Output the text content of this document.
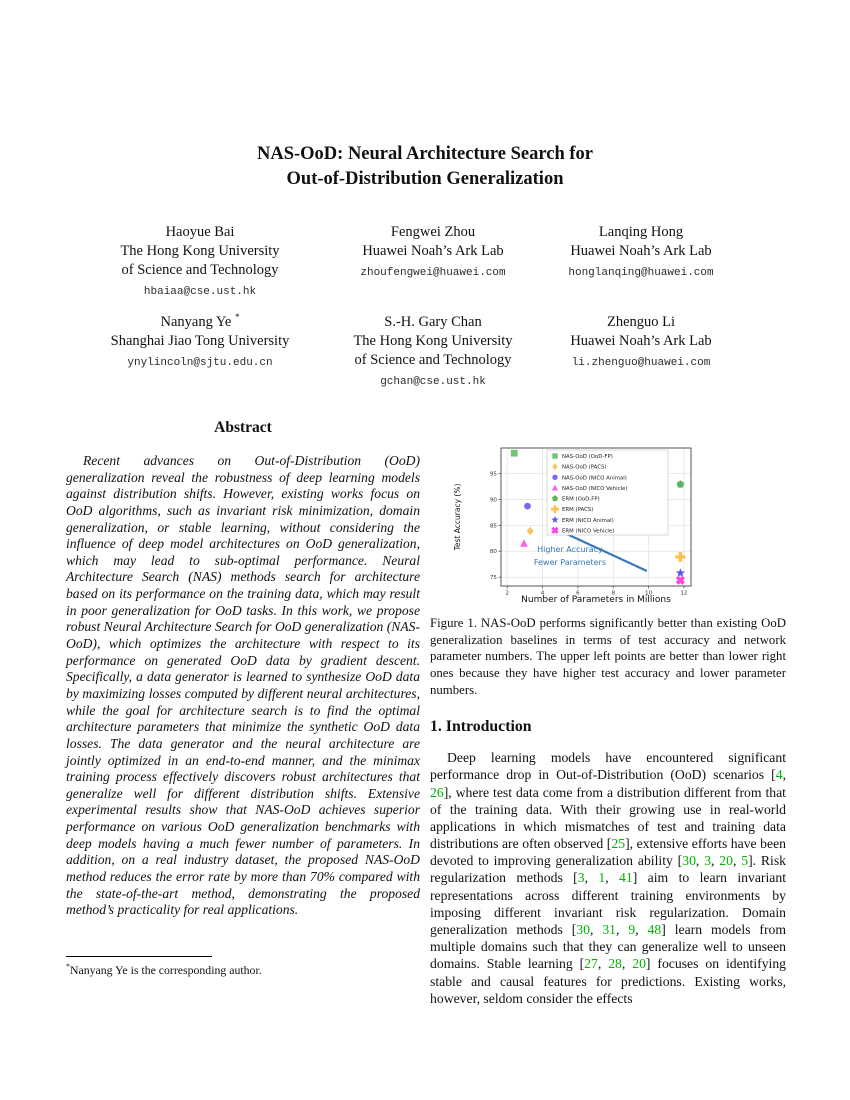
NAS-OoD: Neural Architecture Search for
Out-of-Distribution Generalization
Haoyue Bai
The Hong Kong University
of Science and Technology
hbaiaa@cse.ust.hk
Fengwei Zhou
Huawei Noah’s Ark Lab
zhoufengwei@huawei.com
Lanqing Hong
Huawei Noah’s Ark Lab
honglanqing@huawei.com
Nanyang Ye *
Shanghai Jiao Tong University
ynylincoln@sjtu.edu.cn
S.-H. Gary Chan
The Hong Kong University
of Science and Technology
gchan@cse.ust.hk
Zhenguo Li
Huawei Noah’s Ark Lab
li.zhenguo@huawei.com
Abstract

Recent advances on Out-of-Distribution (OoD) generalization reveal the robustness of deep learning models against distribution shifts. However, existing works focus on OoD algorithms, such as invariant risk minimization, domain generalization, or stable learning, without considering the influence of deep model architectures on OoD generalization, which may lead to sub-optimal performance. Neural Architecture Search (NAS) methods search for architecture based on its performance on the training data, which may result in poor generalization for OoD tasks. In this work, we propose robust Neural Architecture Search for OoD generalization (NAS-OoD), which optimizes the architecture with respect to its performance on generated OoD data by gradient descent. Specifically, a data generator is learned to synthesize OoD data by maximizing losses computed by different neural architectures, while the goal for architecture search is to find the optimal architecture parameters that minimize the synthetic OoD data losses. The data generator and the neural architecture are jointly optimized in an end-to-end manner, and the minimax training process effectively discovers robust architectures that generalize well for different distribution shifts. Extensive experimental results show that NAS-OoD achieves superior performance on various OoD generalization benchmarks with deep models having a much fewer number of parameters. In addition, on a real industry dataset, the proposed NAS-OoD method reduces the error rate by more than 70% compared with the state-of-the-art method, demonstrating the proposed method’s practicality for real applications.

*Nanyang Ye is the corresponding author.
2	4	6	8	10	12
75
80
85
90
95
Number of Parameters in Millions
Test Accuracy (%)	Higher Accuracy
Fewer Parameters
NAS-OoD (OoD-FP)
NAS-OoD (PACS)
NAS-OoD (NICO Animal)
NAS-OoD (NICO Vehicle)
ERM (OoD-FP)
ERM (PACS)
ERM (NICO Animal)
ERM (NICO Vehicle)

Figure 1. NAS-OoD performs significantly better than existing OoD generalization baselines in terms of test accuracy and network parameter numbers. The upper left points are better than lower right ones because they have higher test accuracy and lower parameter numbers.

1. Introduction

Deep learning models have encountered significant performance drop in Out-of-Distribution (OoD) scenarios [4, 26], where test data come from a distribution different from that of the training data. With their growing use in real-world applications in which mismatches of test and training data distributions are often observed [25], extensive efforts have been devoted to improving generalization ability [30, 3, 20, 5]. Risk regularization methods [3, 1, 41] aim to learn invariant representations across different training environments by imposing different invariant risk regularization. Domain generalization methods [30, 31, 9, 48] learn models from multiple domains such that they can generalize well to unseen domains. Stable learning [27, 28, 20] focuses on identifying stable and causal features for predictions. Existing works, however, seldom consider the effects
